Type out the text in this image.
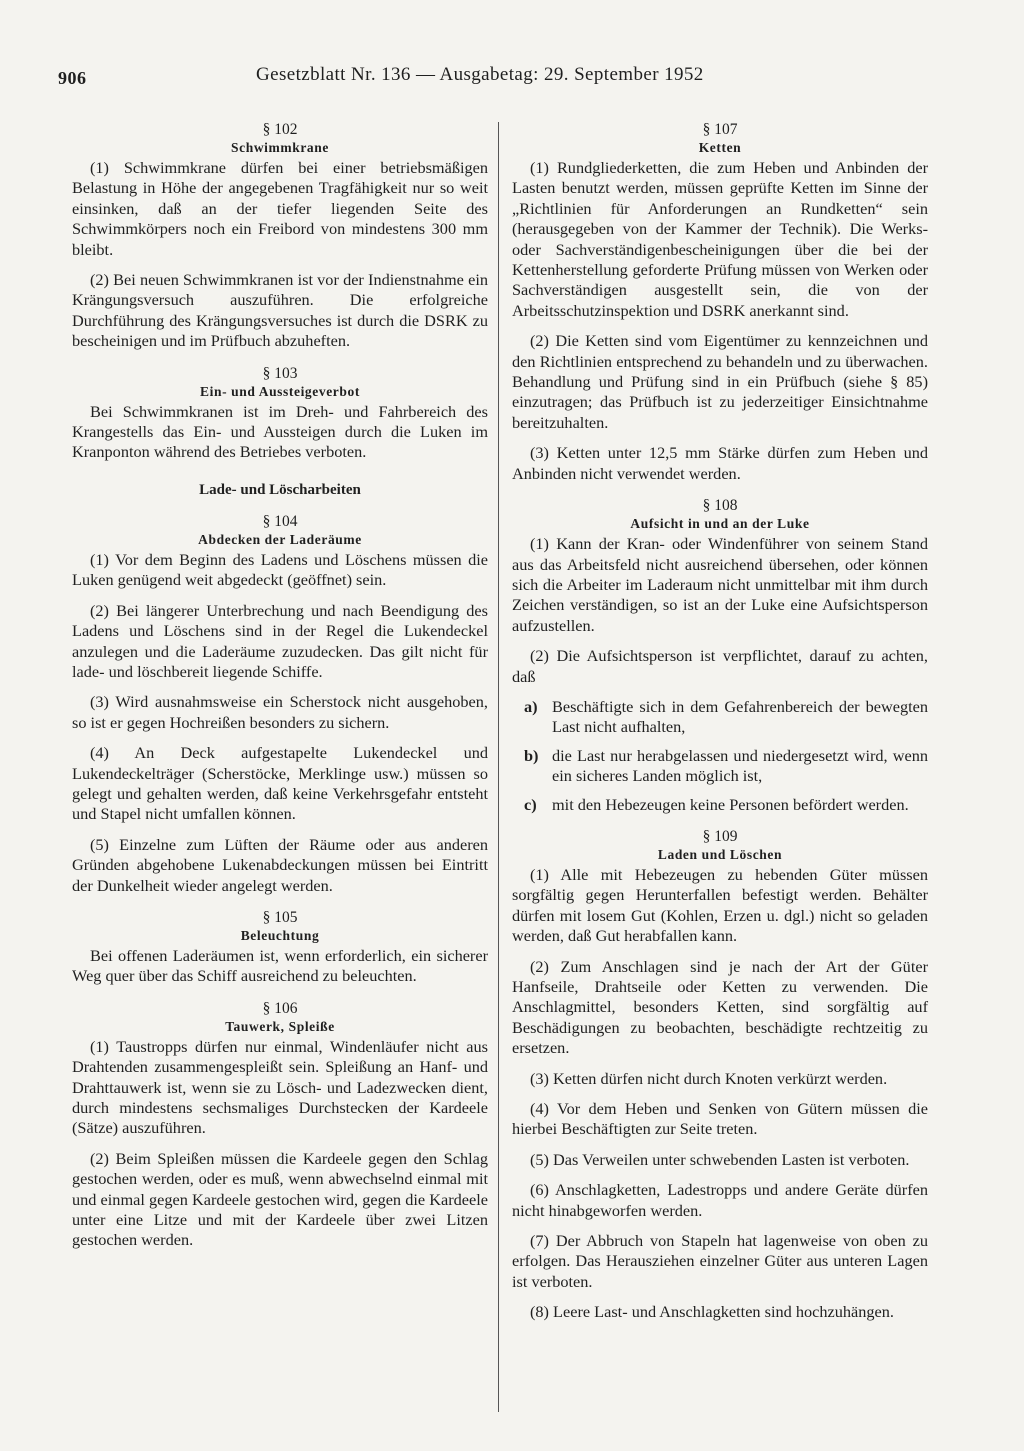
906	Gesetzblatt Nr. 136 — Ausgabetag: 29. September 1952

§ 102

Schwimmkrane

(1) Schwimmkrane dürfen bei einer betriebsmäßigen Belastung in Höhe der angegebenen Tragfähigkeit nur so weit einsinken, daß an der tiefer liegenden Seite des Schwimmkörpers noch ein Freibord von mindestens 300 mm bleibt.

(2) Bei neuen Schwimmkranen ist vor der Indienstnahme ein Krängungsversuch auszuführen. Die erfolgreiche Durchführung des Krängungsversuches ist durch die DSRK zu bescheinigen und im Prüfbuch abzuheften.

§ 103

Ein- und Aussteigeverbot

Bei Schwimmkranen ist im Dreh- und Fahrbereich des Krangestells das Ein- und Aussteigen durch die Luken im Kranponton während des Betriebes verboten.

Lade- und Löscharbeiten

§ 104

Abdecken der Laderäume

(1) Vor dem Beginn des Ladens und Löschens müssen die Luken genügend weit abgedeckt (geöffnet) sein.

(2) Bei längerer Unterbrechung und nach Beendigung des Ladens und Löschens sind in der Regel die Lukendeckel anzulegen und die Laderäume zuzudecken. Das gilt nicht für lade- und löschbereit liegende Schiffe.

(3) Wird ausnahmsweise ein Scherstock nicht ausgehoben, so ist er gegen Hochreißen besonders zu sichern.

(4) An Deck aufgestapelte Lukendeckel und Lukendeckelträger (Scherstöcke, Merklinge usw.) müssen so gelegt und gehalten werden, daß keine Verkehrsgefahr entsteht und Stapel nicht umfallen können.

(5) Einzelne zum Lüften der Räume oder aus anderen Gründen abgehobene Lukenabdeckungen müssen bei Eintritt der Dunkelheit wieder angelegt werden.

§ 105

Beleuchtung

Bei offenen Laderäumen ist, wenn erforderlich, ein sicherer Weg quer über das Schiff ausreichend zu beleuchten.

§ 106

Tauwerk, Spleiße

(1) Taustropps dürfen nur einmal, Windenläufer nicht aus Drahtenden zusammengespleißt sein. Spleißung an Hanf- und Drahttauwerk ist, wenn sie zu Lösch- und Ladezwecken dient, durch mindestens sechsmaliges Durchstecken der Kardeele (Sätze) auszuführen.

(2) Beim Spleißen müssen die Kardeele gegen den Schlag gestochen werden, oder es muß, wenn abwechselnd einmal mit und einmal gegen Kardeele gestochen wird, gegen die Kardeele unter eine Litze und mit der Kardeele über zwei Litzen gestochen werden.

§ 107

Ketten

(1) Rundgliederketten, die zum Heben und Anbinden der Lasten benutzt werden, müssen geprüfte Ketten im Sinne der „Richtlinien für Anforderungen an Rundketten“ sein (herausgegeben von der Kammer der Technik). Die Werks- oder Sachverständigenbescheinigungen über die bei der Kettenherstellung geforderte Prüfung müssen von Werken oder Sachverständigen ausgestellt sein, die von der Arbeitsschutzinspektion und DSRK anerkannt sind.

(2) Die Ketten sind vom Eigentümer zu kennzeichnen und den Richtlinien entsprechend zu behandeln und zu überwachen. Behandlung und Prüfung sind in ein Prüfbuch (siehe § 85) einzutragen; das Prüfbuch ist zu jederzeitiger Einsichtnahme bereitzuhalten.

(3) Ketten unter 12,5 mm Stärke dürfen zum Heben und Anbinden nicht verwendet werden.

§ 108

Aufsicht in und an der Luke

(1) Kann der Kran- oder Windenführer von seinem Stand aus das Arbeitsfeld nicht ausreichend übersehen, oder können sich die Arbeiter im Laderaum nicht unmittelbar mit ihm durch Zeichen verständigen, so ist an der Luke eine Aufsichtsperson aufzustellen.

(2) Die Aufsichtsperson ist verpflichtet, darauf zu achten, daß

a) Beschäftigte sich in dem Gefahrenbereich der bewegten Last nicht aufhalten,
b) die Last nur herabgelassen und niedergesetzt wird, wenn ein sicheres Landen möglich ist,
c) mit den Hebezeugen keine Personen befördert werden.

§ 109

Laden und Löschen

(1) Alle mit Hebezeugen zu hebenden Güter müssen sorgfältig gegen Herunterfallen befestigt werden. Behälter dürfen mit losem Gut (Kohlen, Erzen u. dgl.) nicht so geladen werden, daß Gut herabfallen kann.

(2) Zum Anschlagen sind je nach der Art der Güter Hanfseile, Drahtseile oder Ketten zu verwenden. Die Anschlagmittel, besonders Ketten, sind sorgfältig auf Beschädigungen zu beobachten, beschädigte rechtzeitig zu ersetzen.

(3) Ketten dürfen nicht durch Knoten verkürzt werden.

(4) Vor dem Heben und Senken von Gütern müssen die hierbei Beschäftigten zur Seite treten.

(5) Das Verweilen unter schwebenden Lasten ist verboten.

(6) Anschlagketten, Ladestropps und andere Geräte dürfen nicht hinabgeworfen werden.

(7) Der Abbruch von Stapeln hat lagenweise von oben zu erfolgen. Das Herausziehen einzelner Güter aus unteren Lagen ist verboten.

(8) Leere Last- und Anschlagketten sind hochzuhängen.
